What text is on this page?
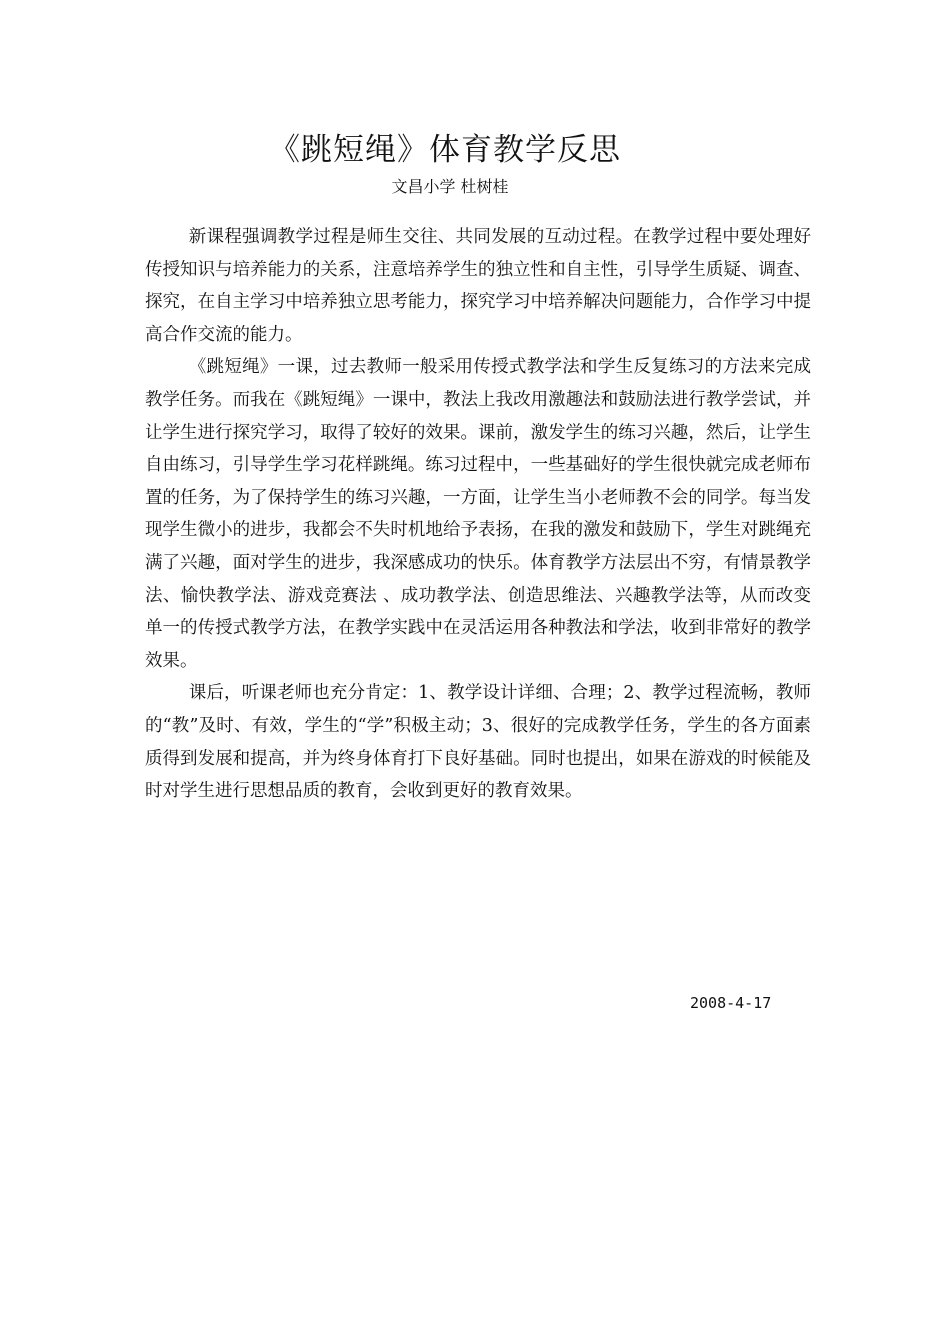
《跳短绳》体育教学反思
文昌小学 杜树桂

新课程强调教学过程是师生交往、共同发展的互动过程。在教学过程中要处理好传授知识与培养能力的关系，注意培养学生的独立性和自主性，引导学生质疑、调查、探究，在自主学习中培养独立思考能力，探究学习中培养解决问题能力，合作学习中提高合作交流的能力。

《跳短绳》一课，过去教师一般采用传授式教学法和学生反复练习的方法来完成教学任务。而我在《跳短绳》一课中，教法上我改用激趣法和鼓励法进行教学尝试，并让学生进行探究学习，取得了较好的效果。课前，激发学生的练习兴趣，然后，让学生自由练习，引导学生学习花样跳绳。练习过程中，一些基础好的学生很快就完成老师布置的任务，为了保持学生的练习兴趣，一方面，让学生当小老师教不会的同学。每当发现学生微小的进步，我都会不失时机地给予表扬，在我的激发和鼓励下，学生对跳绳充满了兴趣，面对学生的进步，我深感成功的快乐。体育教学方法层出不穷，有情景教学法、愉快教学法、游戏竞赛法 、成功教学法、创造思维法、兴趣教学法等，从而改变单一的传授式教学方法，在教学实践中在灵活运用各种教法和学法，收到非常好的教学效果。

课后，听课老师也充分肯定：1、教学设计详细、合理；2、教学过程流畅，教师的“教”及时、有效，学生的“学”积极主动；3、很好的完成教学任务，学生的各方面素质得到发展和提高，并为终身体育打下良好基础。同时也提出，如果在游戏的时候能及时对学生进行思想品质的教育，会收到更好的教育效果。

2008-4-17
